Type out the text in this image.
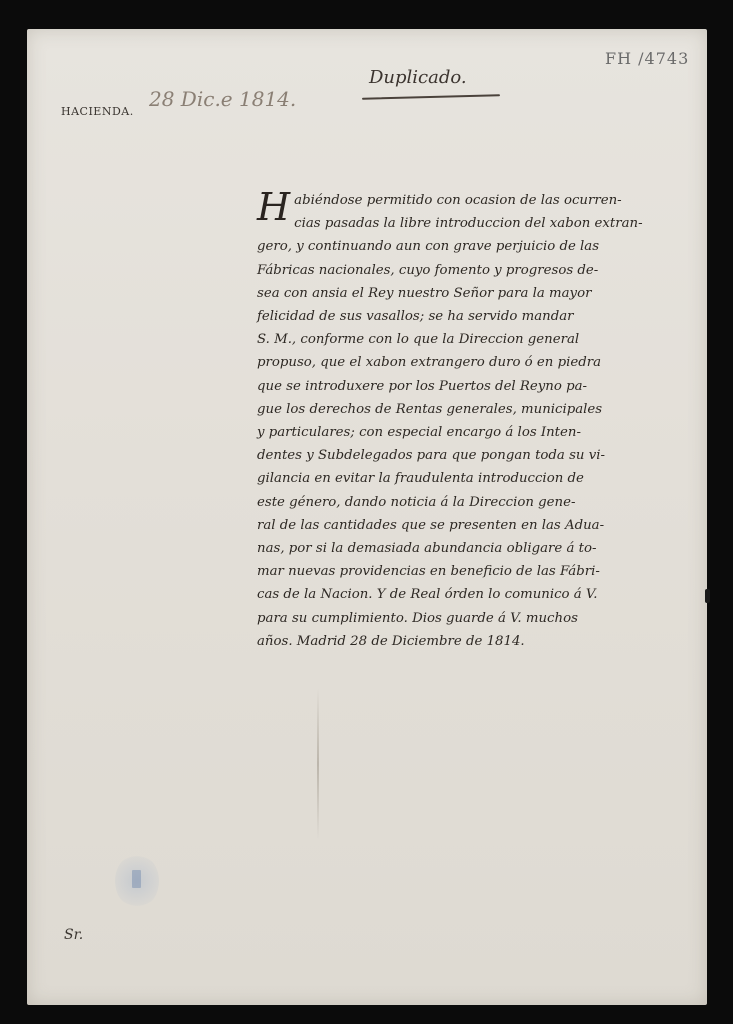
FH /4743
Duplicado.
28 Dic.e 1814.
HACIENDA.
H abiéndose permitido con ocasion de las ocurren-
cias pasadas la libre introduccion del xabon extran-
gero, y continuando aun con grave perjuicio de las
Fábricas nacionales, cuyo fomento y progresos de-
sea con ansia el Rey nuestro Señor para la mayor
felicidad de sus vasallos; se ha servido mandar
S. M., conforme con lo que la Direccion general
propuso, que el xabon extrangero duro ó en piedra
que se introduxere por los Puertos del Reyno pa-
gue los derechos de Rentas generales, municipales
y particulares; con especial encargo á los Inten-
dentes y Subdelegados para que pongan toda su vi-
gilancia en evitar la fraudulenta introduccion de
este género, dando noticia á la Direccion gene-
ral de las cantidades que se presenten en las Adua-
nas, por si la demasiada abundancia obligare á to-
mar nuevas providencias en beneficio de las Fábri-
cas de la Nacion. Y de Real órden lo comunico á V.
para su cumplimiento. Dios guarde á V. muchos
años. Madrid 28 de Diciembre de 1814.
Sr.
